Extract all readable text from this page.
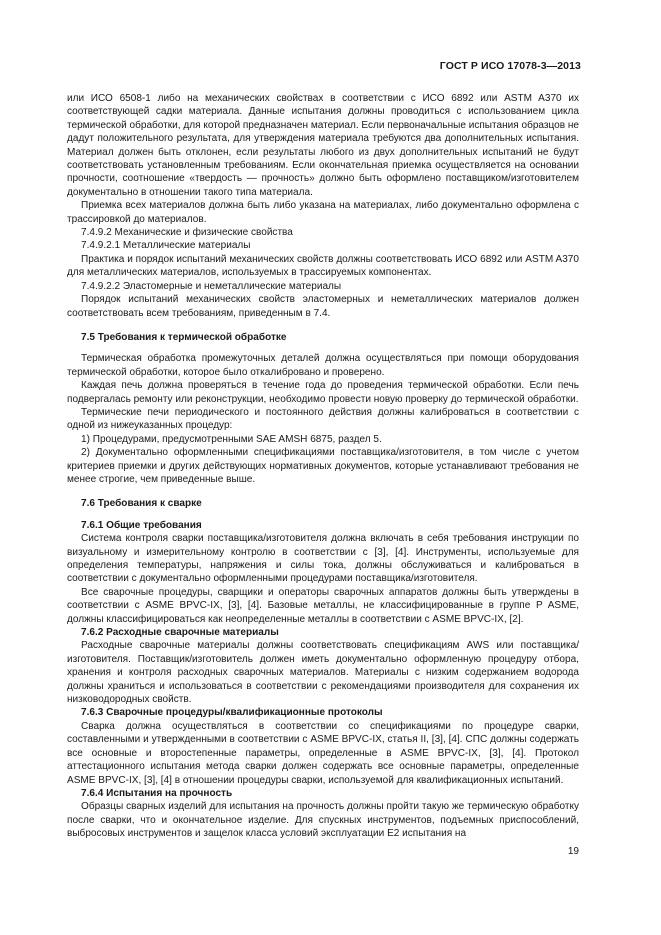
ГОСТ Р ИСО 17078-3—2013

или ИСО 6508-1 либо на механических свойствах в соответствии с ИСО 6892 или ASTM A370 их соответствующей садки материала. Данные испытания должны проводиться с использованием цикла термической обработки, для которой предназначен материал. Если первоначальные испытания образцов не дадут положительного результата, для утверждения материала требуются два дополнительных испытания. Материал должен быть отклонен, если результаты любого из двух дополнительных испытаний не будут соответствовать установленным требованиям. Если окончательная приемка осуществляется на основании прочности, соотношение «твердость — прочность» должно быть оформлено поставщиком/изготовителем документально в отношении такого типа материала.

Приемка всех материалов должна быть либо указана на материалах, либо документально оформлена с трассировкой до материалов.

7.4.9.2 Механические и физические свойства

7.4.9.2.1 Металлические материалы

Практика и порядок испытаний механических свойств должны соответствовать ИСО 6892 или ASTM A370 для металлических материалов, используемых в трассируемых компонентах.

7.4.9.2.2 Эластомерные и неметаллические материалы

Порядок испытаний механических свойств эластомерных и неметаллических материалов должен соответствовать всем требованиям, приведенным в 7.4.

7.5 Требования к термической обработке

Термическая обработка промежуточных деталей должна осуществляться при помощи оборудования термической обработки, которое было откалибровано и проверено.

Каждая печь должна проверяться в течение года до проведения термической обработки. Если печь подвергалась ремонту или реконструкции, необходимо провести новую проверку до термической обработки.

Термические печи периодического и постоянного действия должны калиброваться в соответствии с одной из нижеуказанных процедур:

1) Процедурами, предусмотренными SAE AMSH 6875, раздел 5.

2) Документально оформленными спецификациями поставщика/изготовителя, в том числе с учетом критериев приемки и других действующих нормативных документов, которые устанавливают требования не менее строгие, чем приведенные выше.

7.6 Требования к сварке

7.6.1 Общие требования

Система контроля сварки поставщика/изготовителя должна включать в себя требования инструкции по визуальному и измерительному контролю в соответствии с [3], [4]. Инструменты, используемые для определения температуры, напряжения и силы тока, должны обслуживаться и калиброваться в соответствии с документально оформленными процедурами поставщика/изготовителя.

Все сварочные процедуры, сварщики и операторы сварочных аппаратов должны быть утверждены в соответствии с ASME BPVC-IX, [3], [4]. Базовые металлы, не классифицированные в группе P ASME, должны классифицироваться как неопределенные металлы в соответствии с ASME BPVC-IX, [2].

7.6.2 Расходные сварочные материалы

Расходные сварочные материалы должны соответствовать спецификациям AWS или поставщика/изготовителя. Поставщик/изготовитель должен иметь документально оформленную процедуру отбора, хранения и контроля расходных сварочных материалов. Материалы с низким содержанием водорода должны храниться и использоваться в соответствии с рекомендациями производителя для сохранения их низководородных свойств.

7.6.3 Сварочные процедуры/квалификационные протоколы

Сварка должна осуществляться в соответствии со спецификациями по процедуре сварки, составленными и утвержденными в соответствии с ASME BPVC-IX, статья II, [3], [4]. СПС должны содержать все основные и второстепенные параметры, определенные в ASME BPVC-IX, [3], [4]. Протокол аттестационного испытания метода сварки должен содержать все основные параметры, определенные ASME BPVC-IX, [3], [4] в отношении процедуры сварки, используемой для квалификационных испытаний.

7.6.4 Испытания на прочность

Образцы сварных изделий для испытания на прочность должны пройти такую же термическую обработку после сварки, что и окончательное изделие. Для спускных инструментов, подъемных приспособлений, выбросовых инструментов и защелок класса условий эксплуатации E2 испытания на

19
